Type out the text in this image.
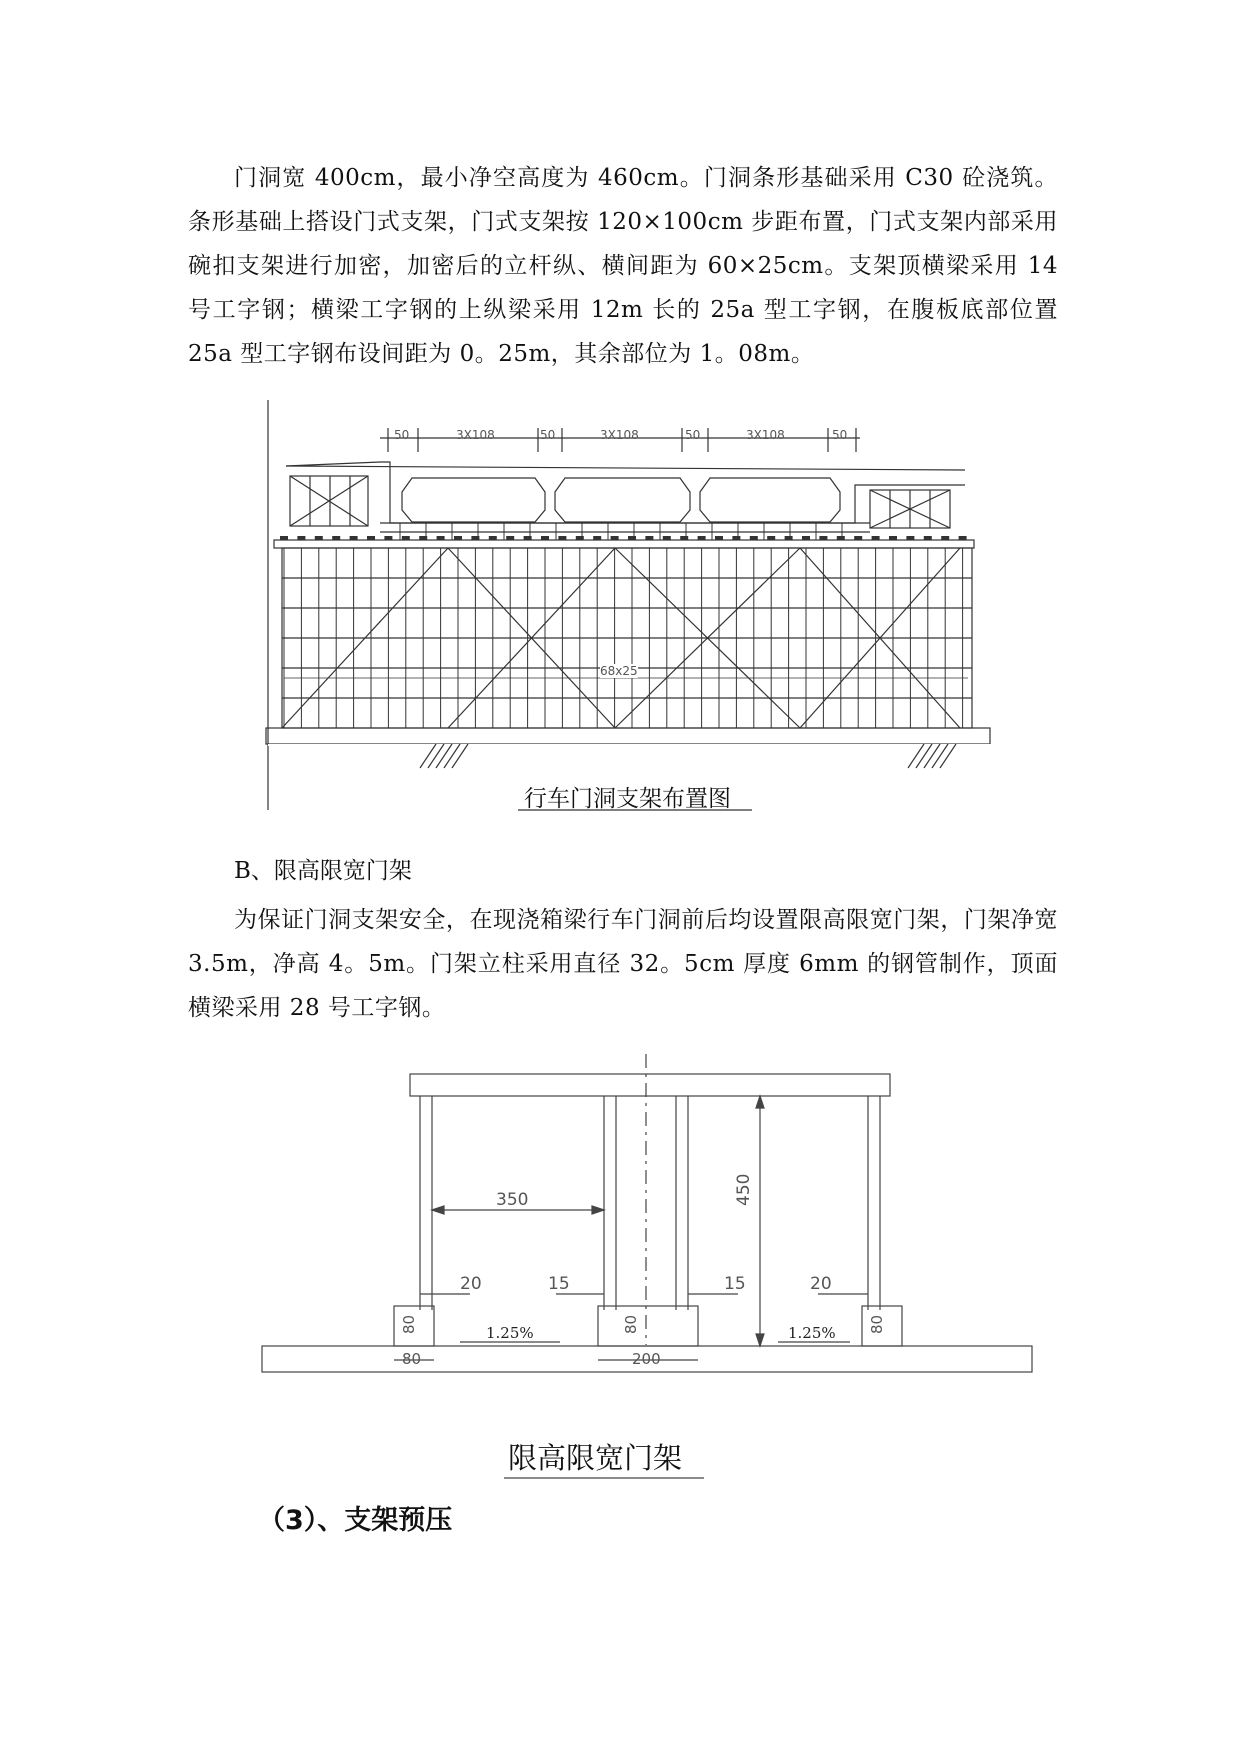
门洞宽 400cm，最小净空高度为 460cm。门洞条形基础采用 C30 砼浇筑。条形基础上搭设门式支架，门式支架按 120×100cm 步距布置，门式支架内部采用碗扣支架进行加密，加密后的立杆纵、横间距为 60×25cm。支架顶横梁采用 14 号工字钢；横梁工字钢的上纵梁采用 12m 长的 25a 型工字钢，在腹板底部位置 25a 型工字钢布设间距为 0。25m，其余部位为 1。08m。

50	3X108	50	3X108	50	3X108	50
68x25
行车门洞支架布置图
B、限高限宽门架

为保证门洞支架安全，在现浇箱梁行车门洞前后均设置限高限宽门架，门架净宽 3.5m，净高 4。5m。门架立柱采用直径 32。5cm 厚度 6mm 的钢管制作，顶面横梁采用 28 号工字钢。

350	450
20	15	15	20
1.25%	1.25%
80	80	80
80	200
限高限宽门架
（3）、支架预压
